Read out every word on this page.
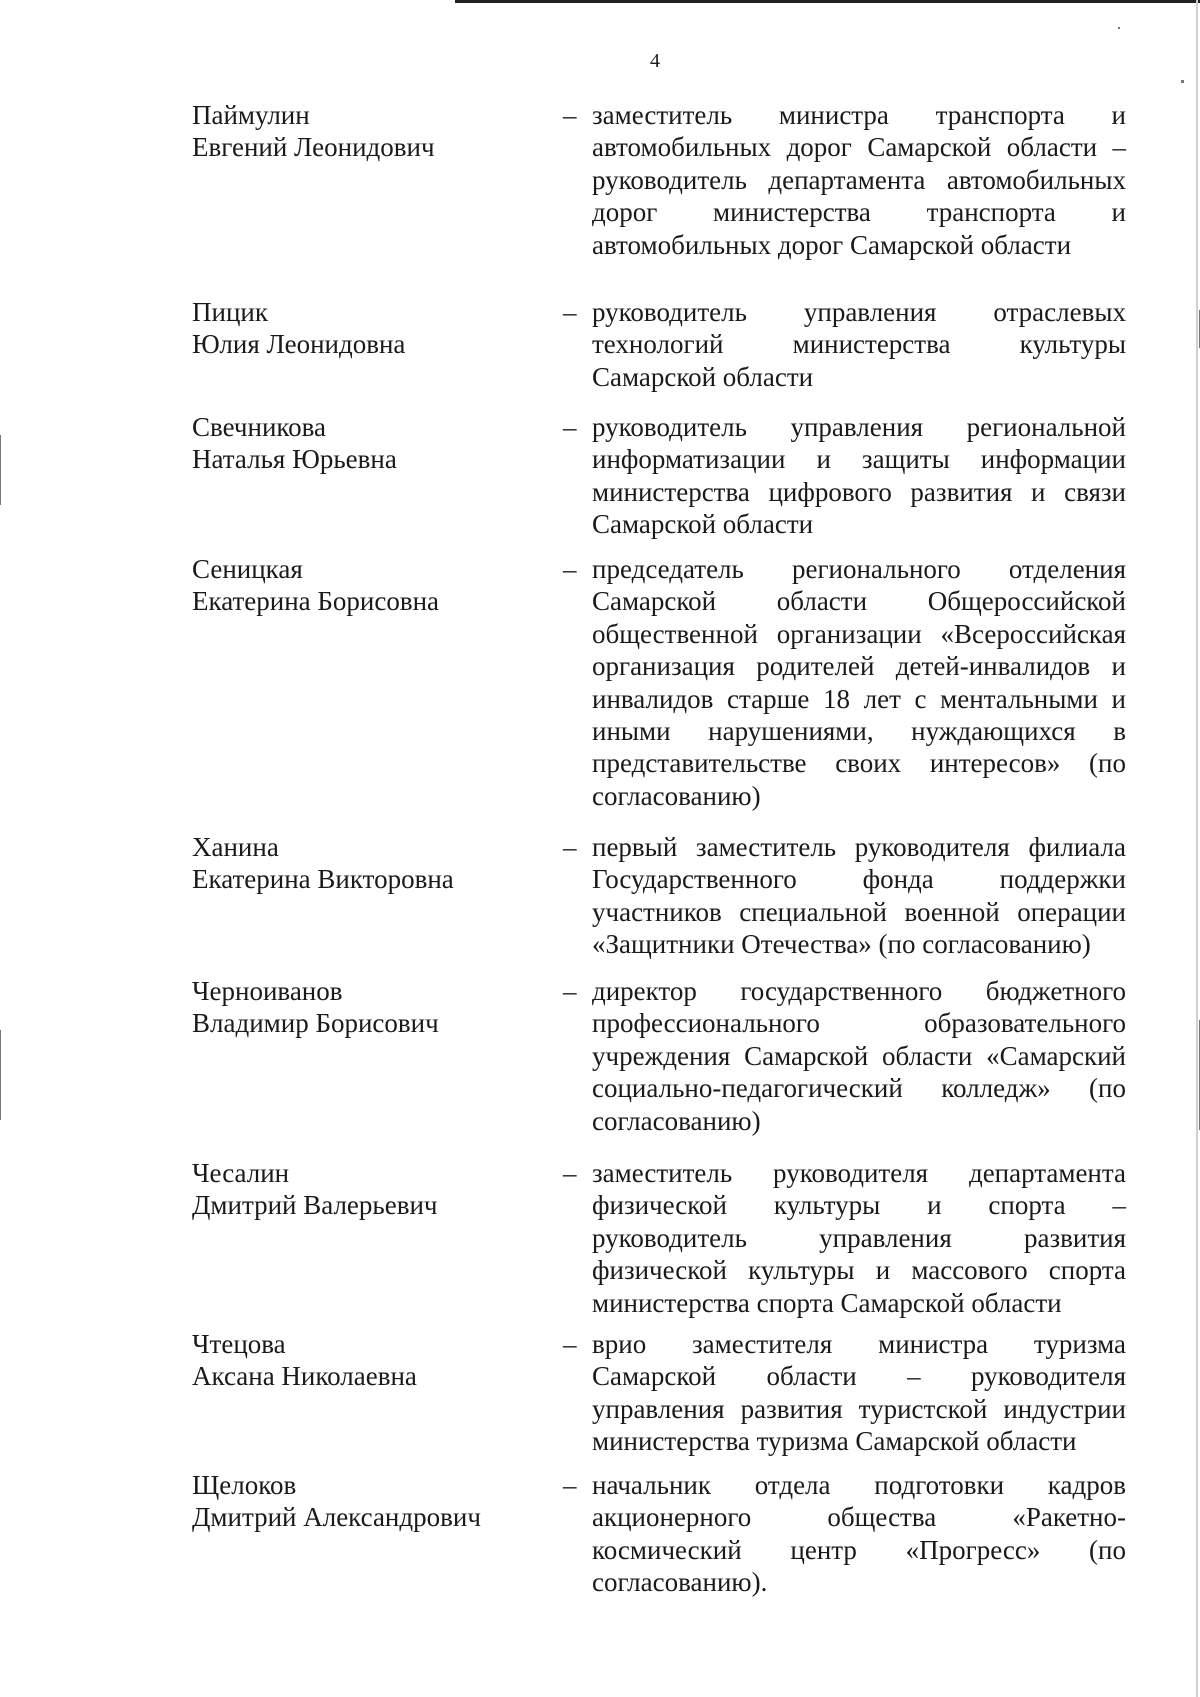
4
Паймулин
Евгений Леонидович
– заместитель министра транспорта и автомобильных дорог Самарской области – руководитель департамента автомобильных дорог министерства транспорта и автомобильных дорог Самарской области
Пицик
Юлия Леонидовна
– руководитель управления отраслевых технологий министерства культуры Самарской области
Свечникова
Наталья Юрьевна
– руководитель управления региональной информатизации и защиты информации министерства цифрового развития и связи Самарской области
Сеницкая
Екатерина Борисовна
– председатель регионального отделения Самарской области Общероссийской общественной организации «Всероссийская организация родителей детей-инвалидов и инвалидов старше 18 лет с ментальными и иными нарушениями, нуждающихся в представительстве своих интересов» (по согласованию)
Ханина
Екатерина Викторовна
– первый заместитель руководителя филиала Государственного фонда поддержки участников специальной военной операции «Защитники Отечества» (по согласованию)
Черноиванов
Владимир Борисович
– директор государственного бюджетного профессионального образовательного учреждения Самарской области «Самарский социально-педагогический колледж» (по согласованию)
Чесалин
Дмитрий Валерьевич
– заместитель руководителя департамента физической культуры и спорта – руководитель управления развития физической культуры и массового спорта министерства спорта Самарской области
Чтецова
Аксана Николаевна
– врио заместителя министра туризма Самарской области – руководителя управления развития туристской индустрии министерства туризма Самарской области
Щелоков
Дмитрий Александрович
– начальник отдела подготовки кадров акционерного общества «Ракетно-космический центр «Прогресс» (по согласованию).
